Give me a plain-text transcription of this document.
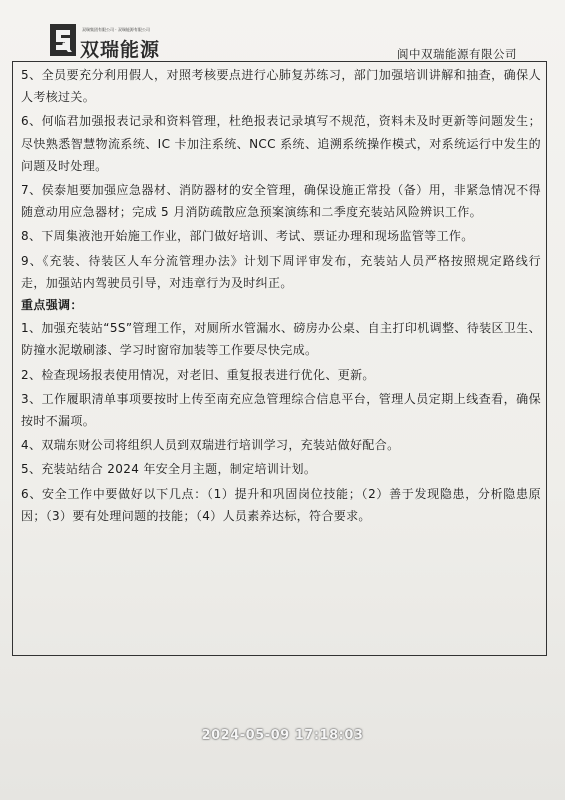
双瑞集团有限公司 · 双瑞能源有限公司
双瑞能源	阆中双瑞能源有限公司

5、全员要充分利用假人，对照考核要点进行心肺复苏练习，部门加强培训讲解和抽查，确保人人考核过关。

6、何临君加强报表记录和资料管理，杜绝报表记录填写不规范，资料未及时更新等问题发生；尽快熟悉智慧物流系统、IC 卡加注系统、NCC 系统、追溯系统操作模式，对系统运行中发生的问题及时处理。

7、侯泰旭要加强应急器材、消防器材的安全管理，确保设施正常投（备）用，非紧急情况不得随意动用应急器材；完成 5 月消防疏散应急预案演练和二季度充装站风险辨识工作。

8、下周集液池开始施工作业，部门做好培训、考试、票证办理和现场监管等工作。

9、《充装、待装区人车分流管理办法》计划下周评审发布，充装站人员严格按照规定路线行走，加强站内驾驶员引导，对违章行为及时纠正。

重点强调：

1、加强充装站“5S”管理工作，对厕所水管漏水、磅房办公桌、自主打印机调整、待装区卫生、防撞水泥墩刷漆、学习时窗帘加装等工作要尽快完成。

2、检查现场报表使用情况，对老旧、重复报表进行优化、更新。

3、工作履职清单事项要按时上传至南充应急管理综合信息平台，管理人员定期上线查看，确保按时不漏项。

4、双瑞东财公司将组织人员到双瑞进行培训学习，充装站做好配合。

5、充装站结合 2024 年安全月主题，制定培训计划。

6、安全工作中要做好以下几点：（1）提升和巩固岗位技能；（2）善于发现隐患，分析隐患原因；（3）要有处理问题的技能；（4）人员素养达标，符合要求。

2024-05-09 17:18:03
